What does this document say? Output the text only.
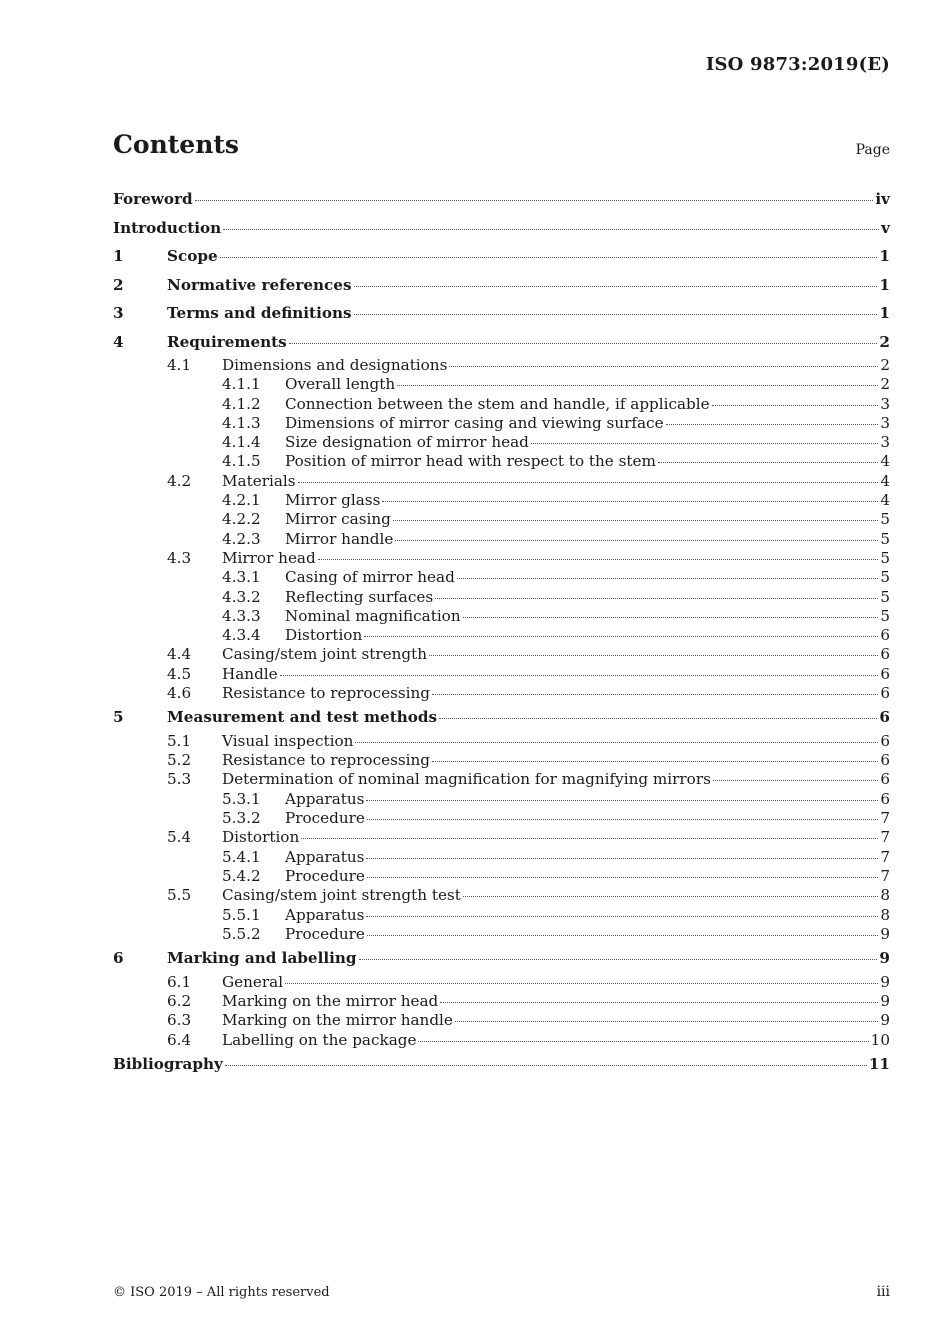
ISO 9873:2019(E)
Contents	Page
Foreword	iv
Introduction	v
1	Scope	1
2	Normative references	1
3	Terms and definitions	1
4	Requirements	2
4.1	Dimensions and designations	2
4.1.1	Overall length	2
4.1.2	Connection between the stem and handle, if applicable	3
4.1.3	Dimensions of mirror casing and viewing surface	3
4.1.4	Size designation of mirror head	3
4.1.5	Position of mirror head with respect to the stem	4
4.2	Materials	4
4.2.1	Mirror glass	4
4.2.2	Mirror casing	5
4.2.3	Mirror handle	5
4.3	Mirror head	5
4.3.1	Casing of mirror head	5
4.3.2	Reflecting surfaces	5
4.3.3	Nominal magnification	5
4.3.4	Distortion	6
4.4	Casing/stem joint strength	6
4.5	Handle	6
4.6	Resistance to reprocessing	6
5	Measurement and test methods	6
5.1	Visual inspection	6
5.2	Resistance to reprocessing	6
5.3	Determination of nominal magnification for magnifying mirrors	6
5.3.1	Apparatus	6
5.3.2	Procedure	7
5.4	Distortion	7
5.4.1	Apparatus	7
5.4.2	Procedure	7
5.5	Casing/stem joint strength test	8
5.5.1	Apparatus	8
5.5.2	Procedure	9
6	Marking and labelling	9
6.1	General	9
6.2	Marking on the mirror head	9
6.3	Marking on the mirror handle	9
6.4	Labelling on the package	10
Bibliography	11
© ISO 2019 – All rights reserved	iii
